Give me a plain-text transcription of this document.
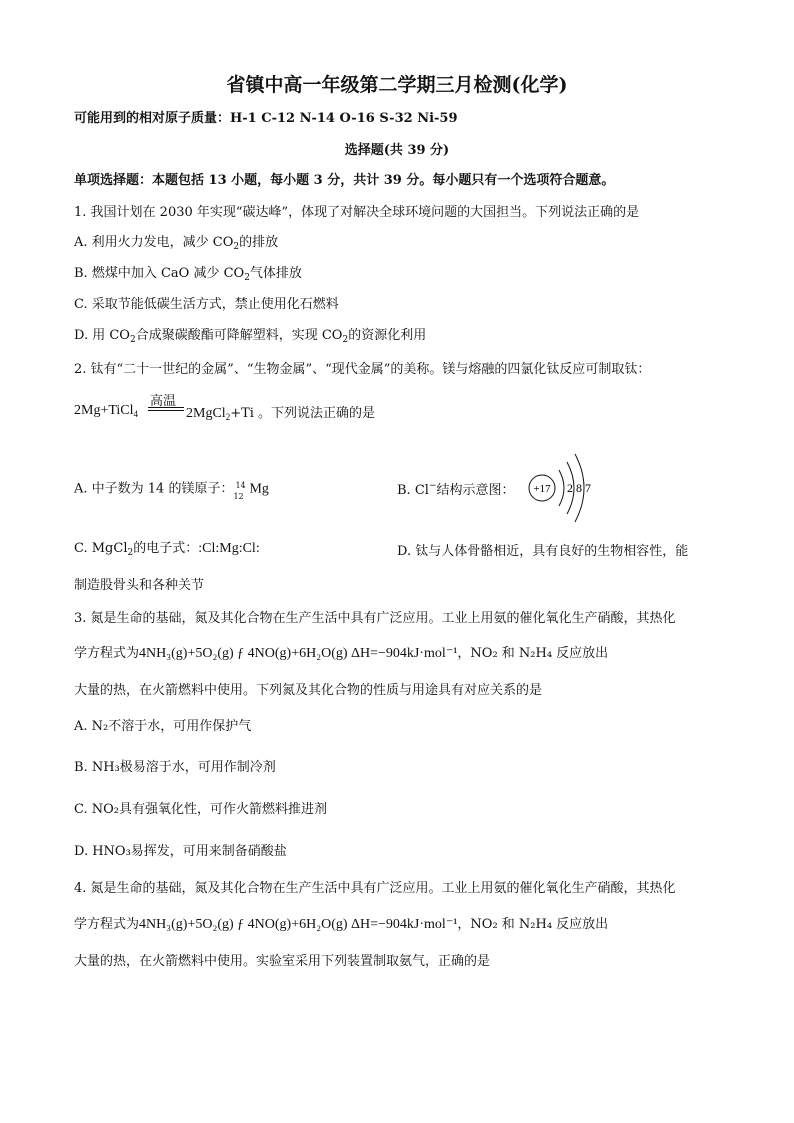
省镇中高一年级第二学期三月检测(化学)
可能用到的相对原子质量：H-1 C-12 N-14 O-16 S-32 Ni-59
选择题(共 39 分)
单项选择题：本题包括 13 小题，每小题 3 分，共计 39 分。每小题只有一个选项符合题意。
1. 我国计划在 2030 年实现“碳达峰”，体现了对解决全球环境问题的大国担当。下列说法正确的是
A. 利用火力发电，减少 $CO_2$的排放
B. 燃煤中加入 CaO 减少 $CO_2$气体排放
C. 采取节能低碳生活方式，禁止使用化石燃料
D. 用 $CO_2$合成聚碳酸酯可降解塑料，实现 $CO_2$的资源化利用
2. 钛有“二十一世纪的金属”、“生物金属”、“现代金属”的美称。镁与熔融的四氯化钛反应可制取钛：
2Mg+TiCl$_4$
高温
2MgCl$_2$+Ti 。下列说法正确的是
A. 中子数为 14 的镁原子： 14
12 Mg	B. Cl−结构示意图： +17 2 8 7
C. MgCl$_2$的电子式：:Cl:Mg:Cl:	D. 钛与人体骨骼相近，具有良好的生物相容性，能
制造股骨头和各种关节
3. 氮是生命的基础，氮及其化合物在生产生活中具有广泛应用。工业上用氨的催化氧化生产硝酸，其热化
学方程式为4NH₃(g)+5O₂(g) ƒ 4NO(g)+6H₂O(g) ΔH=−904kJ·mol⁻¹，NO₂ 和 N₂H₄ 反应放出
大量的热，在火箭燃料中使用。下列氮及其化合物的性质与用途具有对应关系的是
A. N₂不溶于水，可用作保护气
B. NH₃极易溶于水，可用作制冷剂
C. NO₂具有强氧化性，可作火箭燃料推进剂
D. HNO₃易挥发，可用来制备硝酸盐
4. 氮是生命的基础，氮及其化合物在生产生活中具有广泛应用。工业上用氨的催化氧化生产硝酸，其热化
学方程式为4NH₃(g)+5O₂(g) ƒ 4NO(g)+6H₂O(g) ΔH=−904kJ·mol⁻¹，NO₂ 和 N₂H₄ 反应放出
大量的热，在火箭燃料中使用。实验室采用下列装置制取氨气，正确的是
